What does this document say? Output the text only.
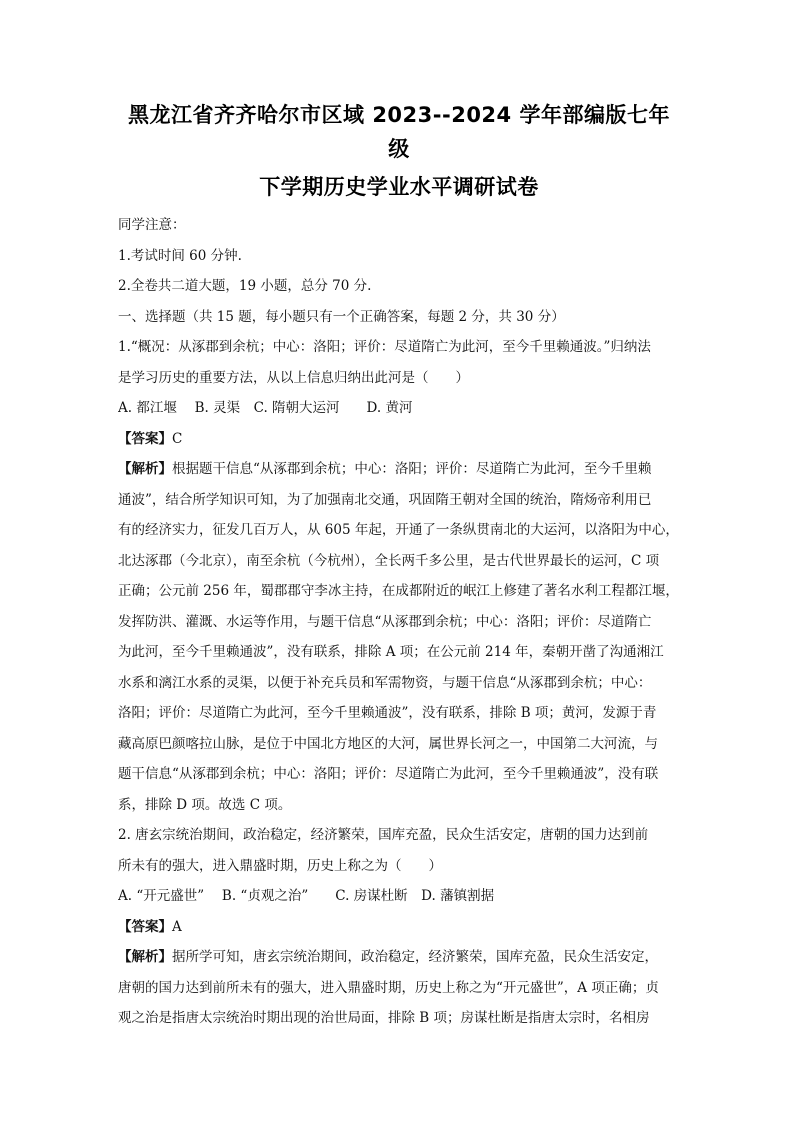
黑龙江省齐齐哈尔市区域 2023--2024 学年部编版七年级
下学期历史学业水平调研试卷
同学注意：
1.考试时间 60 分钟.
2.全卷共二道大题，19 小题，总分 70 分.
一、选择题（共 15 题，每小题只有一个正确答案，每题 2 分，共 30 分）
1.“概况：从涿郡到余杭；中心：洛阳；评价：尽道隋亡为此河，至今千里赖通波。”归纳法
是学习历史的重要方法，从以上信息归纳出此河是（　　）
A. 都江堰　 B. 灵渠　C. 隋朝大运河　　D. 黄河
【答案】C
【解析】根据题干信息“从涿郡到余杭；中心：洛阳；评价：尽道隋亡为此河，至今千里赖
通波”，结合所学知识可知，为了加强南北交通，巩固隋王朝对全国的统治，隋炀帝利用已
有的经济实力，征发几百万人，从 605 年起，开通了一条纵贯南北的大运河，以洛阳为中心，
北达涿郡（今北京），南至余杭（今杭州），全长两千多公里，是古代世界最长的运河，C 项
正确；公元前 256 年，蜀郡郡守李冰主持，在成都附近的岷江上修建了著名水利工程都江堰，
发挥防洪、灌溉、水运等作用，与题干信息“从涿郡到余杭；中心：洛阳；评价：尽道隋亡
为此河，至今千里赖通波”，没有联系，排除 A 项；在公元前 214 年，秦朝开凿了沟通湘江
水系和漓江水系的灵渠，以便于补充兵员和军需物资，与题干信息“从涿郡到余杭；中心：
洛阳；评价：尽道隋亡为此河，至今千里赖通波”，没有联系，排除 B 项；黄河，发源于青
藏高原巴颜喀拉山脉，是位于中国北方地区的大河，属世界长河之一，中国第二大河流，与
题干信息“从涿郡到余杭；中心：洛阳；评价：尽道隋亡为此河，至今千里赖通波”，没有联
系，排除 D 项。故选 C 项。
2. 唐玄宗统治期间，政治稳定，经济繁荣，国库充盈，民众生活安定，唐朝的国力达到前
所未有的强大，进入鼎盛时期，历史上称之为（　　）
A. “开元盛世”　 B. “贞观之治”　　C. 房谋杜断　D. 藩镇割据
【答案】A
【解析】据所学可知，唐玄宗统治期间，政治稳定，经济繁荣，国库充盈，民众生活安定，
唐朝的国力达到前所未有的强大，进入鼎盛时期，历史上称之为“开元盛世”，A 项正确；贞
观之治是指唐太宗统治时期出现的治世局面，排除 B 项；房谋杜断是指唐太宗时，名相房
